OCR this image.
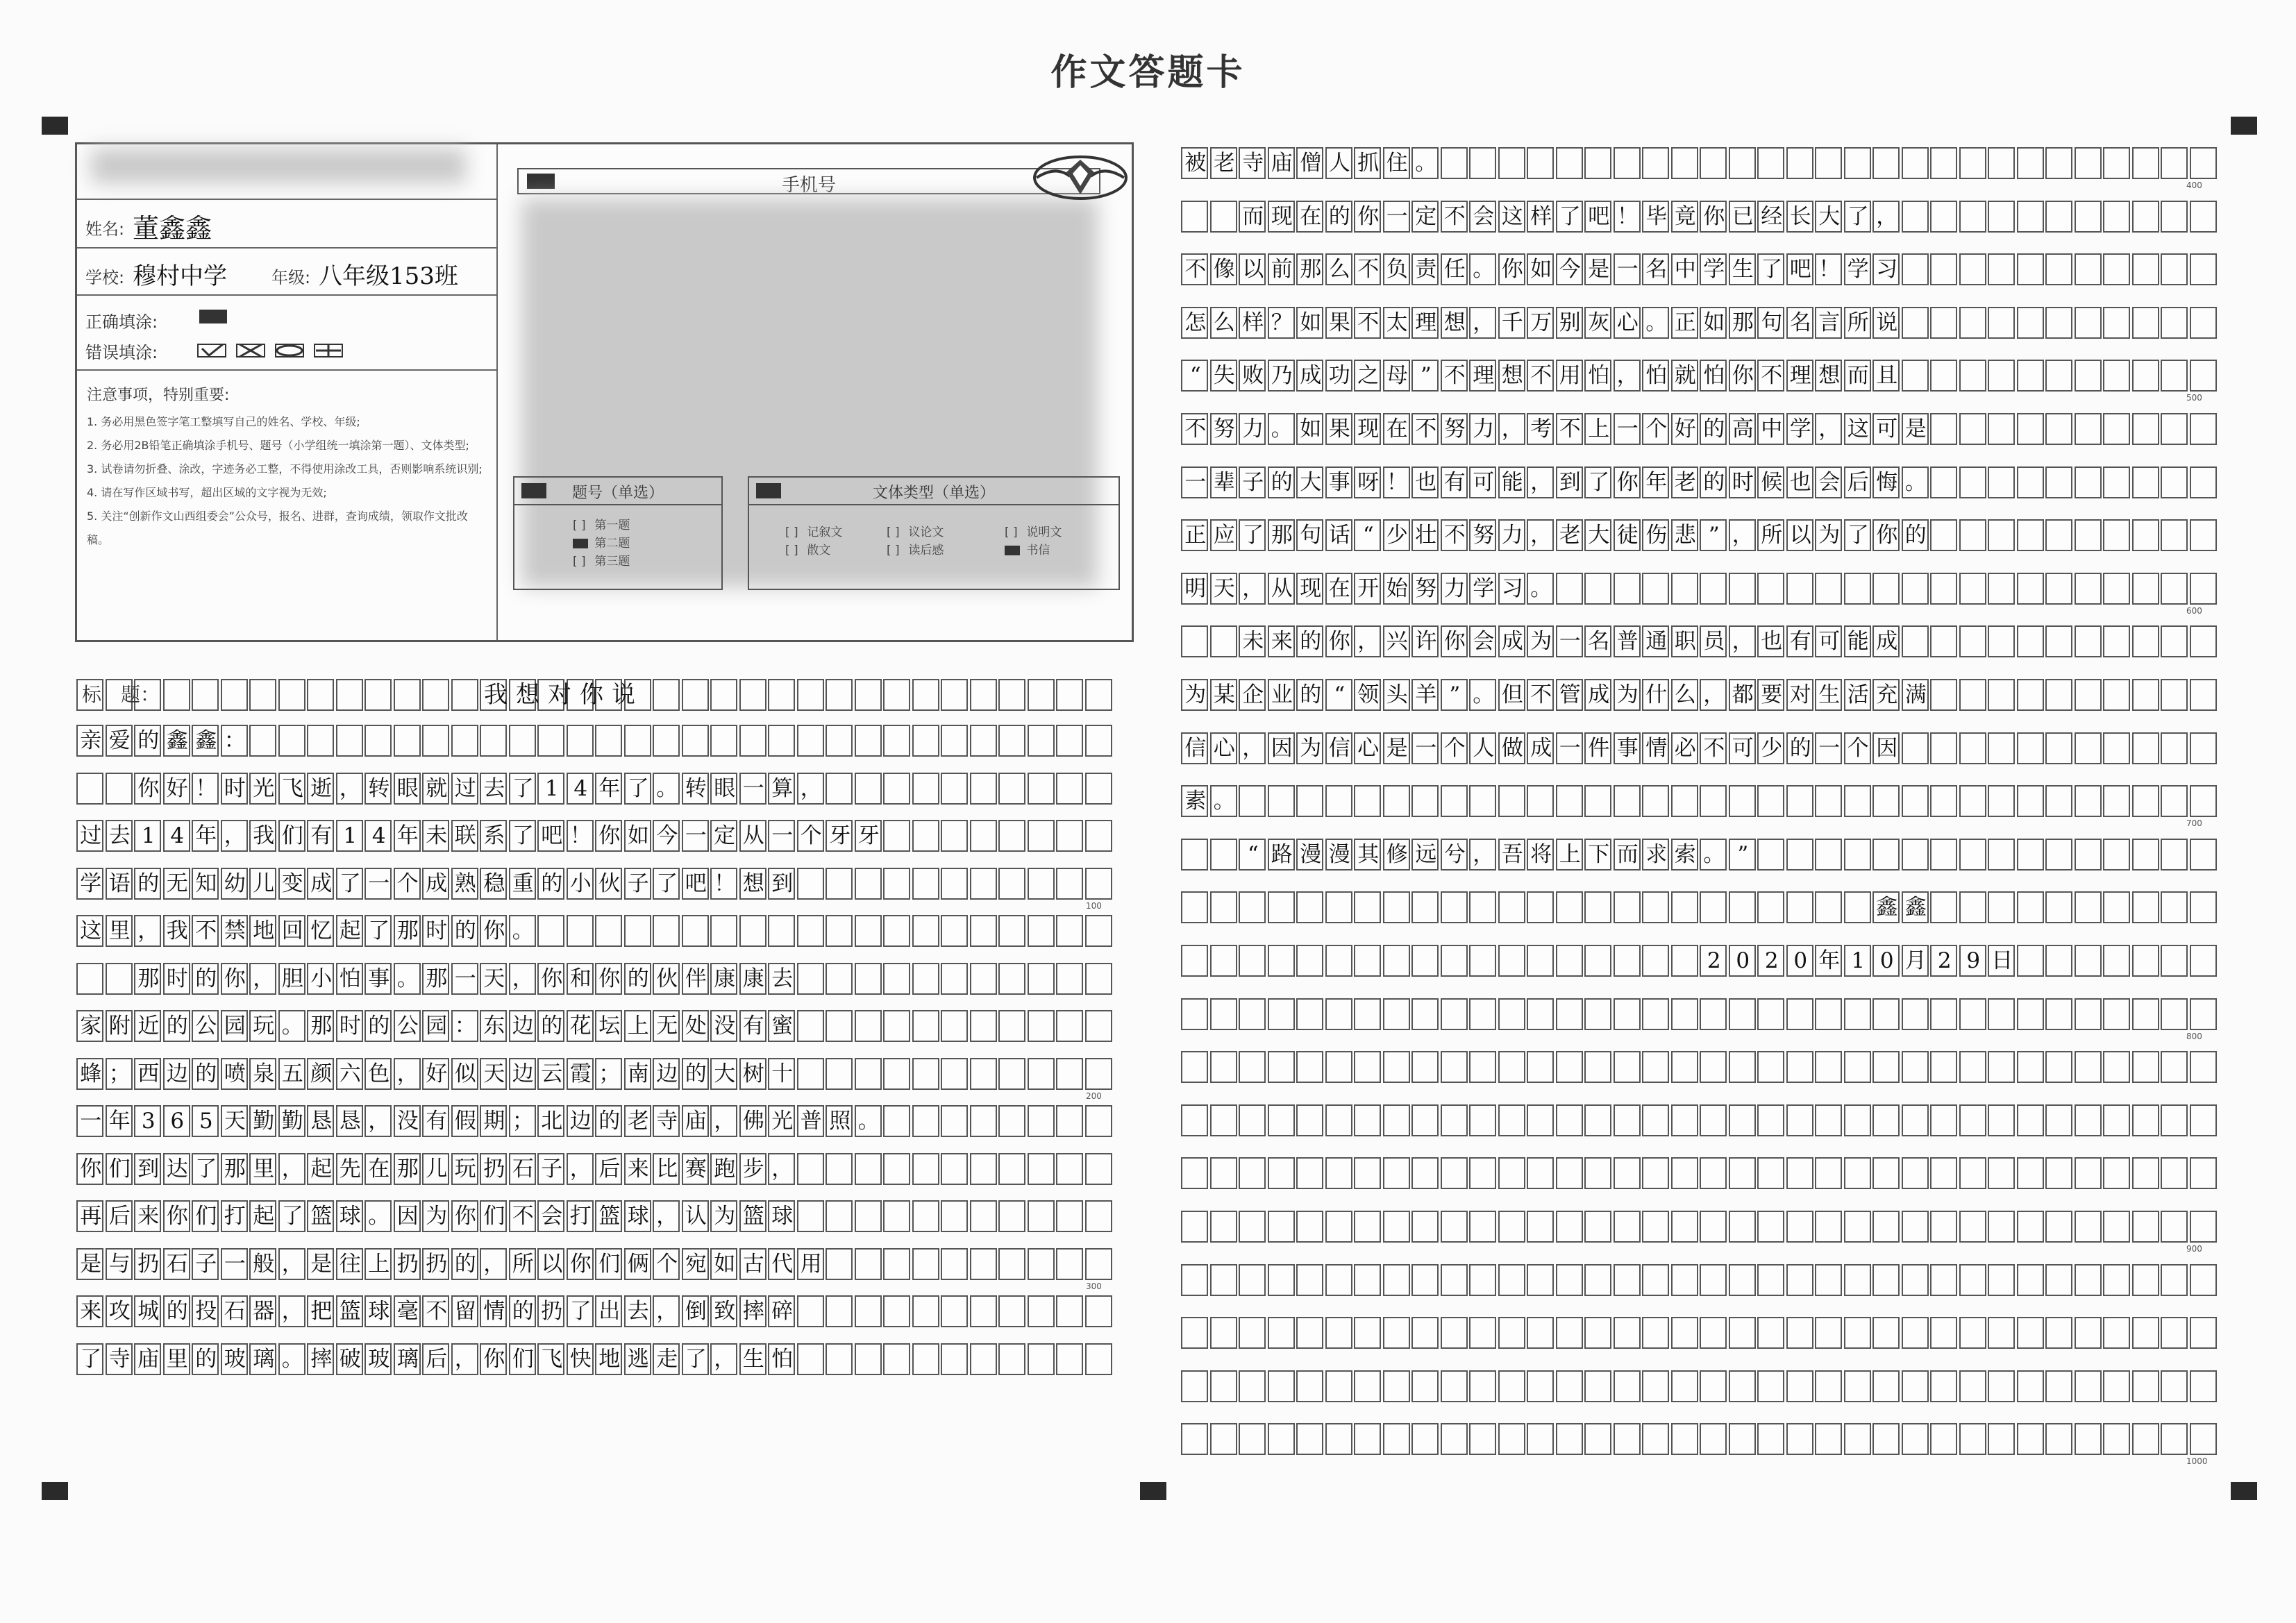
作文答题卡
姓名: 董鑫鑫
学校: 穆村中学	年级: 八年级153班
正确填涂:
错误填涂:
注意事项，特别重要:
1. 务必用黑色签字笔工整填写自己的姓名、学校、年级;
2. 务必用2B铅笔正确填涂手机号、题号（小学组统一填涂第一题）、文体类型;
3. 试卷请勿折叠、涂改，字迹务必工整，不得使用涂改工具，否则影响系统识别;
4. 请在写作区域书写，超出区域的文字视为无效;
5. 关注“创新作文山西组委会”公众号，报名、进群，查询成绩，领取作文批改稿。
手机号
题号（单选）
[ ] 第一题
第二题
[ ] 第三题
文体类型（单选）
[ ] 记叙文	[ ] 议论文	[ ] 说明文
[ ] 散文	[ ] 读后感	书信
标　题：	我想对你说
亲 爱 的 鑫 鑫 ：

你 好 ！ 时 光 飞 逝 ， 转 眼 就 过 去 了 1 4 年 了 。 转 眼 一 算 ，
过 去 1 4 年 ， 我 们 有 1 4 年 未 联 系 了 吧 ！ 你 如 今 一 定 从 一 个 牙 牙
学 语 的 无 知 幼 儿 变 成 了 一 个 成 熟 稳 重 的 小 伙 子 了 吧 ！ 想 到
这 里 ， 我 不 禁 地 回 忆 起 了 那 时 的 你 。

那 时 的 你 ， 胆 小 怕 事 。 那 一 天 ， 你 和 你 的 伙 伴 康 康 去
家 附 近 的 公 园 玩 。 那 时 的 公 园 ： 东 边 的 花 坛 上 无 处 没 有 蜜
蜂 ； 西 边 的 喷 泉 五 颜 六 色 ， 好 似 天 边 云 霞 ； 南 边 的 大 树 十
一 年 3 6 5 天 勤 勤 恳 恳 ， 没 有 假 期 ； 北 边 的 老 寺 庙 ， 佛 光 普 照 。
你 们 到 达 了 那 里 ， 起 先 在 那 儿 玩 扔 石 子 ， 后 来 比 赛 跑 步 ，
再 后 来 你 们 打 起 了 篮 球 。 因 为 你 们 不 会 打 篮 球 ， 认 为 篮 球
是 与 扔 石 子 一 般 ， 是 往 上 扔 扔 的 ， 所 以 你 们 俩 个 宛 如 古 代 用
来 攻 城 的 投 石 器 ， 把 篮 球 毫 不 留 情 的 扔 了 出 去 ， 倒 致 摔 碎
了 寺 庙 里 的 玻 璃 。 摔 破 玻 璃 后 ， 你 们 飞 快 地 逃 走 了 ， 生 怕
100
200
300
被 老 寺 庙 僧 人 抓 住 。

而 现 在 的 你 一 定 不 会 这 样 了 吧 ！ 毕 竟 你 已 经 长 大 了 ，
不 像 以 前 那 么 不 负 责 任 。 你 如 今 是 一 名 中 学 生 了 吧 ！ 学 习
怎 么 样 ？ 如 果 不 太 理 想 ， 千 万 别 灰 心 。 正 如 那 句 名 言 所 说
“ 失 败 乃 成 功 之 母 ” 不 理 想 不 用 怕 ， 怕 就 怕 你 不 理 想 而 且
不 努 力 。 如 果 现 在 不 努 力 ， 考 不 上 一 个 好 的 高 中 学 ， 这 可 是
一 辈 子 的 大 事 呀 ！ 也 有 可 能 ， 到 了 你 年 老 的 时 候 也 会 后 悔 。
正 应 了 那 句 话 “ 少 壮 不 努 力 ， 老 大 徒 伤 悲 ” ， 所 以 为 了 你 的
明 天 ， 从 现 在 开 始 努 力 学 习 。

未 来 的 你 ， 兴 许 你 会 成 为 一 名 普 通 职 员 ， 也 有 可 能 成
为 某 企 业 的 “ 领 头 羊 ” 。 但 不 管 成 为 什 么 ， 都 要 对 生 活 充 满
信 心 ， 因 为 信 心 是 一 个 人 做 成 一 件 事 情 必 不 可 少 的 一 个 因
素 。

“ 路 漫 漫 其 修 远 兮 ， 吾 将 上 下 而 求 索 。 ”

鑫 鑫

2 0 2 0 年 1 0 月 2 9 日
400
500
600
700
800
900
1000
